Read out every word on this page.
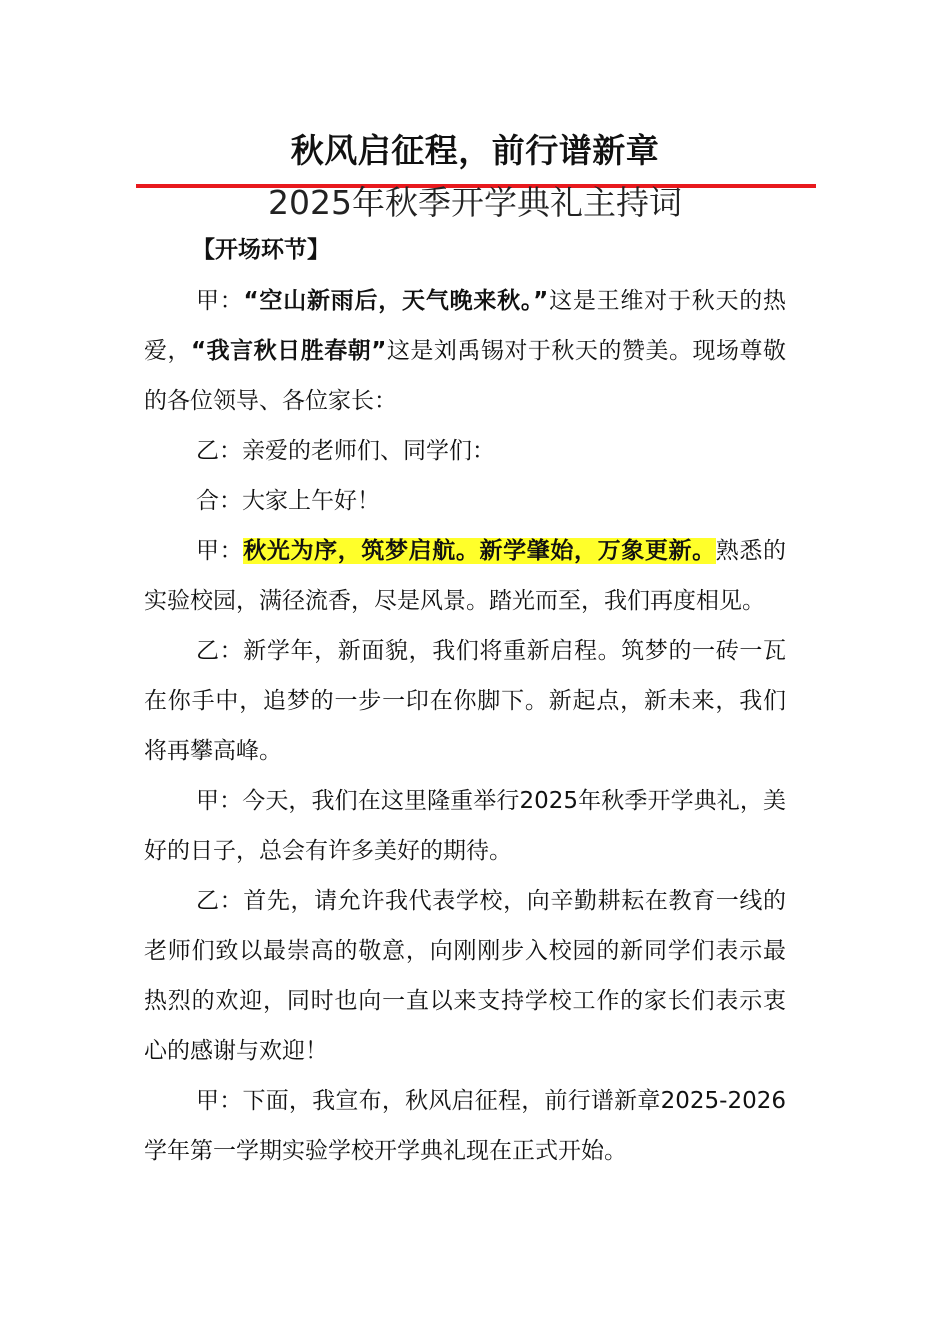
秋风启征程，前行谱新章
2025年秋季开学典礼主持词
【开场环节】

甲：“空山新雨后，天气晚来秋。”这是王维对于秋天的热爱，“我言秋日胜春朝”这是刘禹锡对于秋天的赞美。现场尊敬的各位领导、各位家长：

乙：亲爱的老师们、同学们：

合：大家上午好！

甲：秋光为序，筑梦启航。新学肇始，万象更新。熟悉的实验校园，满径流香，尽是风景。踏光而至，我们再度相见。

乙：新学年，新面貌，我们将重新启程。筑梦的一砖一瓦在你手中，追梦的一步一印在你脚下。新起点，新未来，我们将再攀高峰。

甲：今天，我们在这里隆重举行2025年秋季开学典礼，美好的日子，总会有许多美好的期待。

乙：首先，请允许我代表学校，向辛勤耕耘在教育一线的老师们致以最崇高的敬意，向刚刚步入校园的新同学们表示最热烈的欢迎，同时也向一直以来支持学校工作的家长们表示衷心的感谢与欢迎！

甲：下面，我宣布，秋风启征程，前行谱新章2025-2026学年第一学期实验学校开学典礼现在正式开始。
